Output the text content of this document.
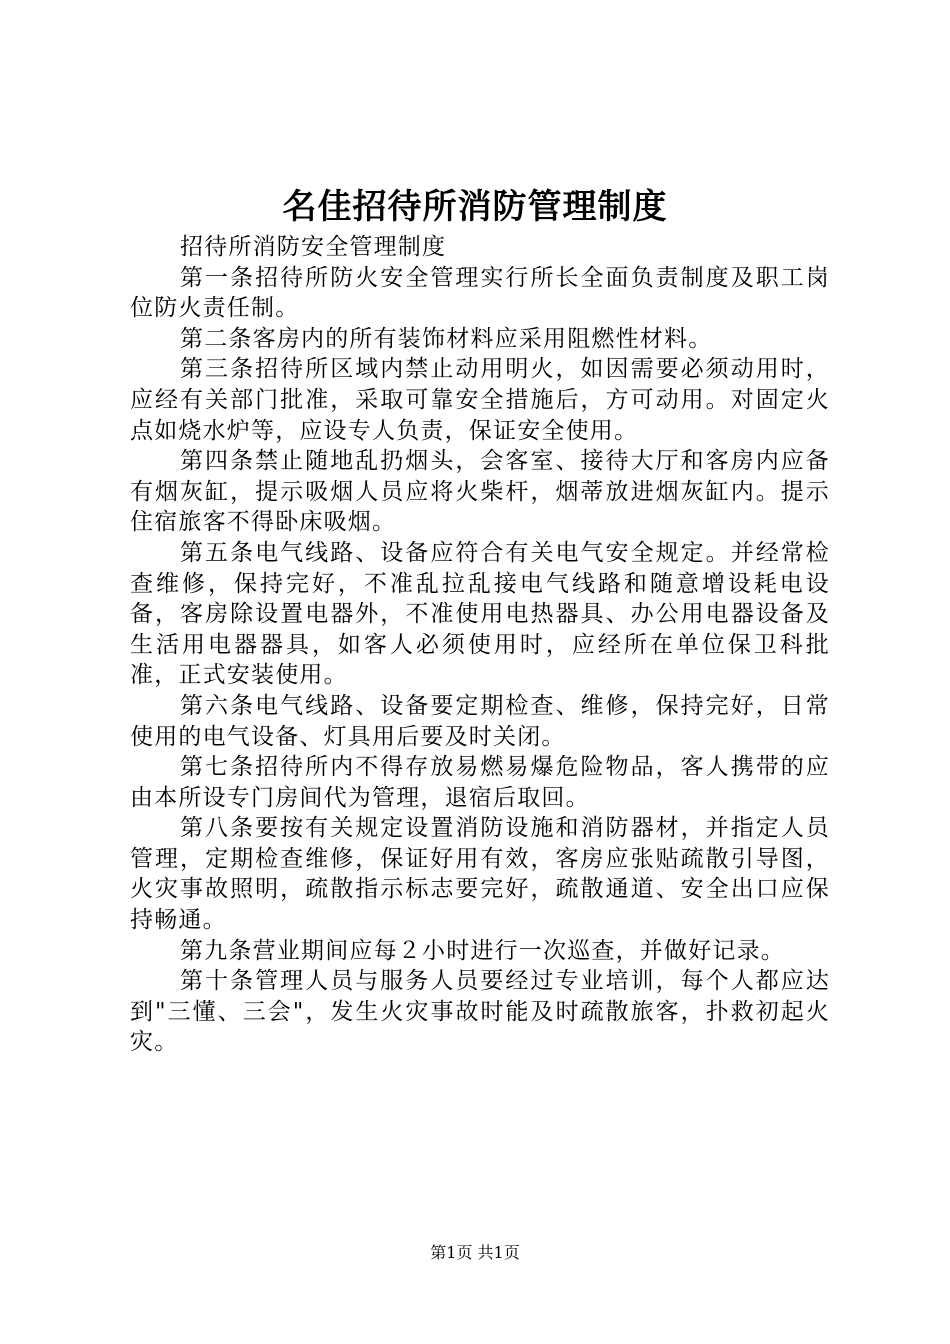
名佳招待所消防管理制度

招待所消防安全管理制度

第一条招待所防火安全管理实行所长全面负责制度及职工岗位防火责任制。

第二条客房内的所有装饰材料应采用阻燃性材料。

第三条招待所区域内禁止动用明火，如因需要必须动用时，应经有关部门批准，采取可靠安全措施后，方可动用。对固定火点如烧水炉等，应设专人负责，保证安全使用。

第四条禁止随地乱扔烟头，会客室、接待大厅和客房内应备有烟灰缸，提示吸烟人员应将火柴杆，烟蒂放进烟灰缸内。提示住宿旅客不得卧床吸烟。

第五条电气线路、设备应符合有关电气安全规定。并经常检查维修，保持完好，不准乱拉乱接电气线路和随意增设耗电设备，客房除设置电器外，不准使用电热器具、办公用电器设备及生活用电器器具，如客人必须使用时，应经所在单位保卫科批准，正式安装使用。

第六条电气线路、设备要定期检查、维修，保持完好，日常使用的电气设备、灯具用后要及时关闭。

第七条招待所内不得存放易燃易爆危险物品，客人携带的应由本所设专门房间代为管理，退宿后取回。

第八条要按有关规定设置消防设施和消防器材，并指定人员管理，定期检查维修，保证好用有效，客房应张贴疏散引导图，火灾事故照明，疏散指示标志要完好，疏散通道、安全出口应保持畅通。

第九条营业期间应每２小时进行一次巡查，并做好记录。

第十条管理人员与服务人员要经过专业培训，每个人都应达到"三懂、三会"，发生火灾事故时能及时疏散旅客，扑救初起火灾。

第1页 共1页
